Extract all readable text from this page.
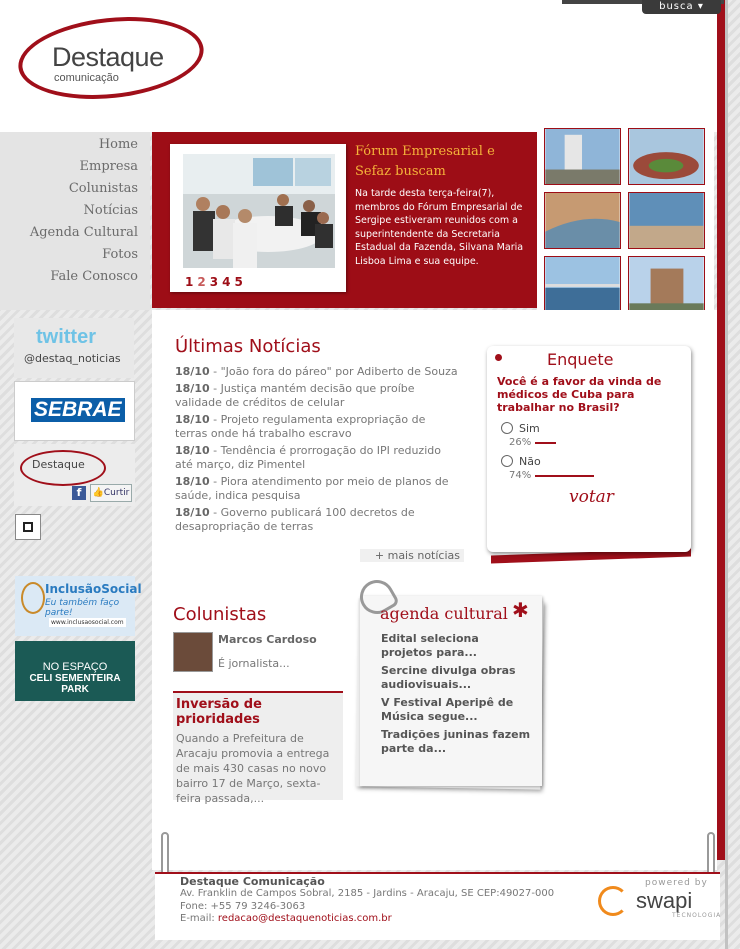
busca ▾
Destaque
comunicação
Home
Empresa
Colunistas
Notícias
Agenda Cultural
Fotos
Fale Conosco	12345
Fórum Empresarial e Sefaz buscam
Na tarde desta terça-feira(7), membros do Fórum Empresarial de Sergipe estiveram reunidos com a superintendente da Secretaria Estadual da Fazenda, Silvana Maria Lisboa Lima e sua equipe.
twitter
@destaq_noticias
SEBRAE
Destaque
f	👍Curtir
InclusãoSocial
Eu também faço parte!
www.inclusaosocial.com
NO ESPAÇO
CELI SEMENTEIRA PARK
Últimas Notícias
18/10 - "João fora do páreo" por Adiberto de Souza
18/10 - Justiça mantém decisão que proíbe validade de créditos de celular
18/10 - Projeto regulamenta expropriação de terras onde há trabalho escravo
18/10 - Tendência é prorrogação do IPI reduzido até março, diz Pimentel
18/10 - Piora atendimento por meio de planos de saúde, indica pesquisa
18/10 - Governo publicará 100 decretos de desapropriação de terras
+ mais notícias
Enquete
Você é a favor da vinda de médicos de Cuba para trabalhar no Brasil?
Sim
26%
Não
74%
votar
Colunistas
Marcos Cardoso
É jornalista...
Inversão de prioridades
Quando a Prefeitura de Aracaju promovia a entrega de mais 430 casas no novo bairro 17 de Março, sexta-feira passada,...
agenda cultural ✱
Edital seleciona projetos para...
Sercine divulga obras audiovisuais...
V Festival Aperipê de Música segue...
Tradições juninas fazem parte da...
Destaque Comunicação
Av. Franklin de Campos Sobral, 2185 - Jardins - Aracaju, SE CEP:49027-000
Fone: +55 79 3246-3063
E-mail: redacao@destaquenoticias.com.br
powered by
swapi
TECNOLOGIA
